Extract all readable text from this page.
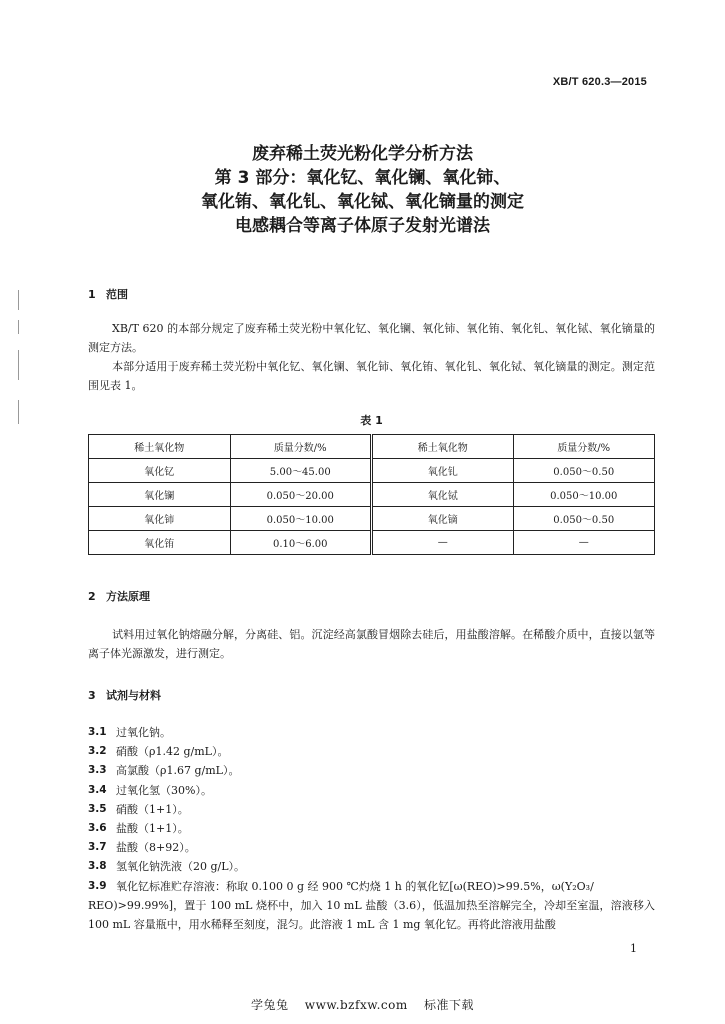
XB/T 620.3—2015
废弃稀土荧光粉化学分析方法
第 3 部分：氧化钇、氧化镧、氧化铈、
氧化铕、氧化钆、氧化铽、氧化镝量的测定
电感耦合等离子体原子发射光谱法
1 范围
XB/T 620 的本部分规定了废弃稀土荧光粉中氧化钇、氧化镧、氧化铈、氧化铕、氧化钆、氧化铽、氧化镝量的测定方法。
本部分适用于废弃稀土荧光粉中氧化钇、氧化镧、氧化铈、氧化铕、氧化钆、氧化铽、氧化镝量的测定。测定范围见表 1。
表 1
稀土氧化物	质量分数/%	稀土氧化物	质量分数/%
氧化钇	5.00～45.00	氧化钆	0.050～0.50
氧化镧	0.050～20.00	氧化铽	0.050～10.00
氧化铈	0.050～10.00	氧化镝	0.050～0.50
氧化铕	0.10～6.00	—	—
2 方法原理
试料用过氧化钠熔融分解，分离硅、铝。沉淀经高氯酸冒烟除去硅后，用盐酸溶解。在稀酸介质中，直接以氩等离子体光源激发，进行测定。
3 试剂与材料
3.1 过氧化钠。
3.2 硝酸（ρ1.42 g/mL）。
3.3 高氯酸（ρ1.67 g/mL）。
3.4 过氧化氢（30%）。
3.5 硝酸（1+1）。
3.6 盐酸（1+1）。
3.7 盐酸（8+92）。
3.8 氢氧化钠洗液（20 g/L）。
3.9 氧化钇标准贮存溶液：称取 0.100 0 g 经 900 ℃灼烧 1 h 的氧化钇[ω(REO)>99.5%，ω(Y₂O₃/
REO)>99.99%]，置于 100 mL 烧杯中，加入 10 mL 盐酸（3.6），低温加热至溶解完全，冷却至室温，溶液移入 100 mL 容量瓶中，用水稀释至刻度，混匀。此溶液 1 mL 含 1 mg 氧化钇。再将此溶液用盐酸
1
学兔兔 www.bzfxw.com 标准下载
